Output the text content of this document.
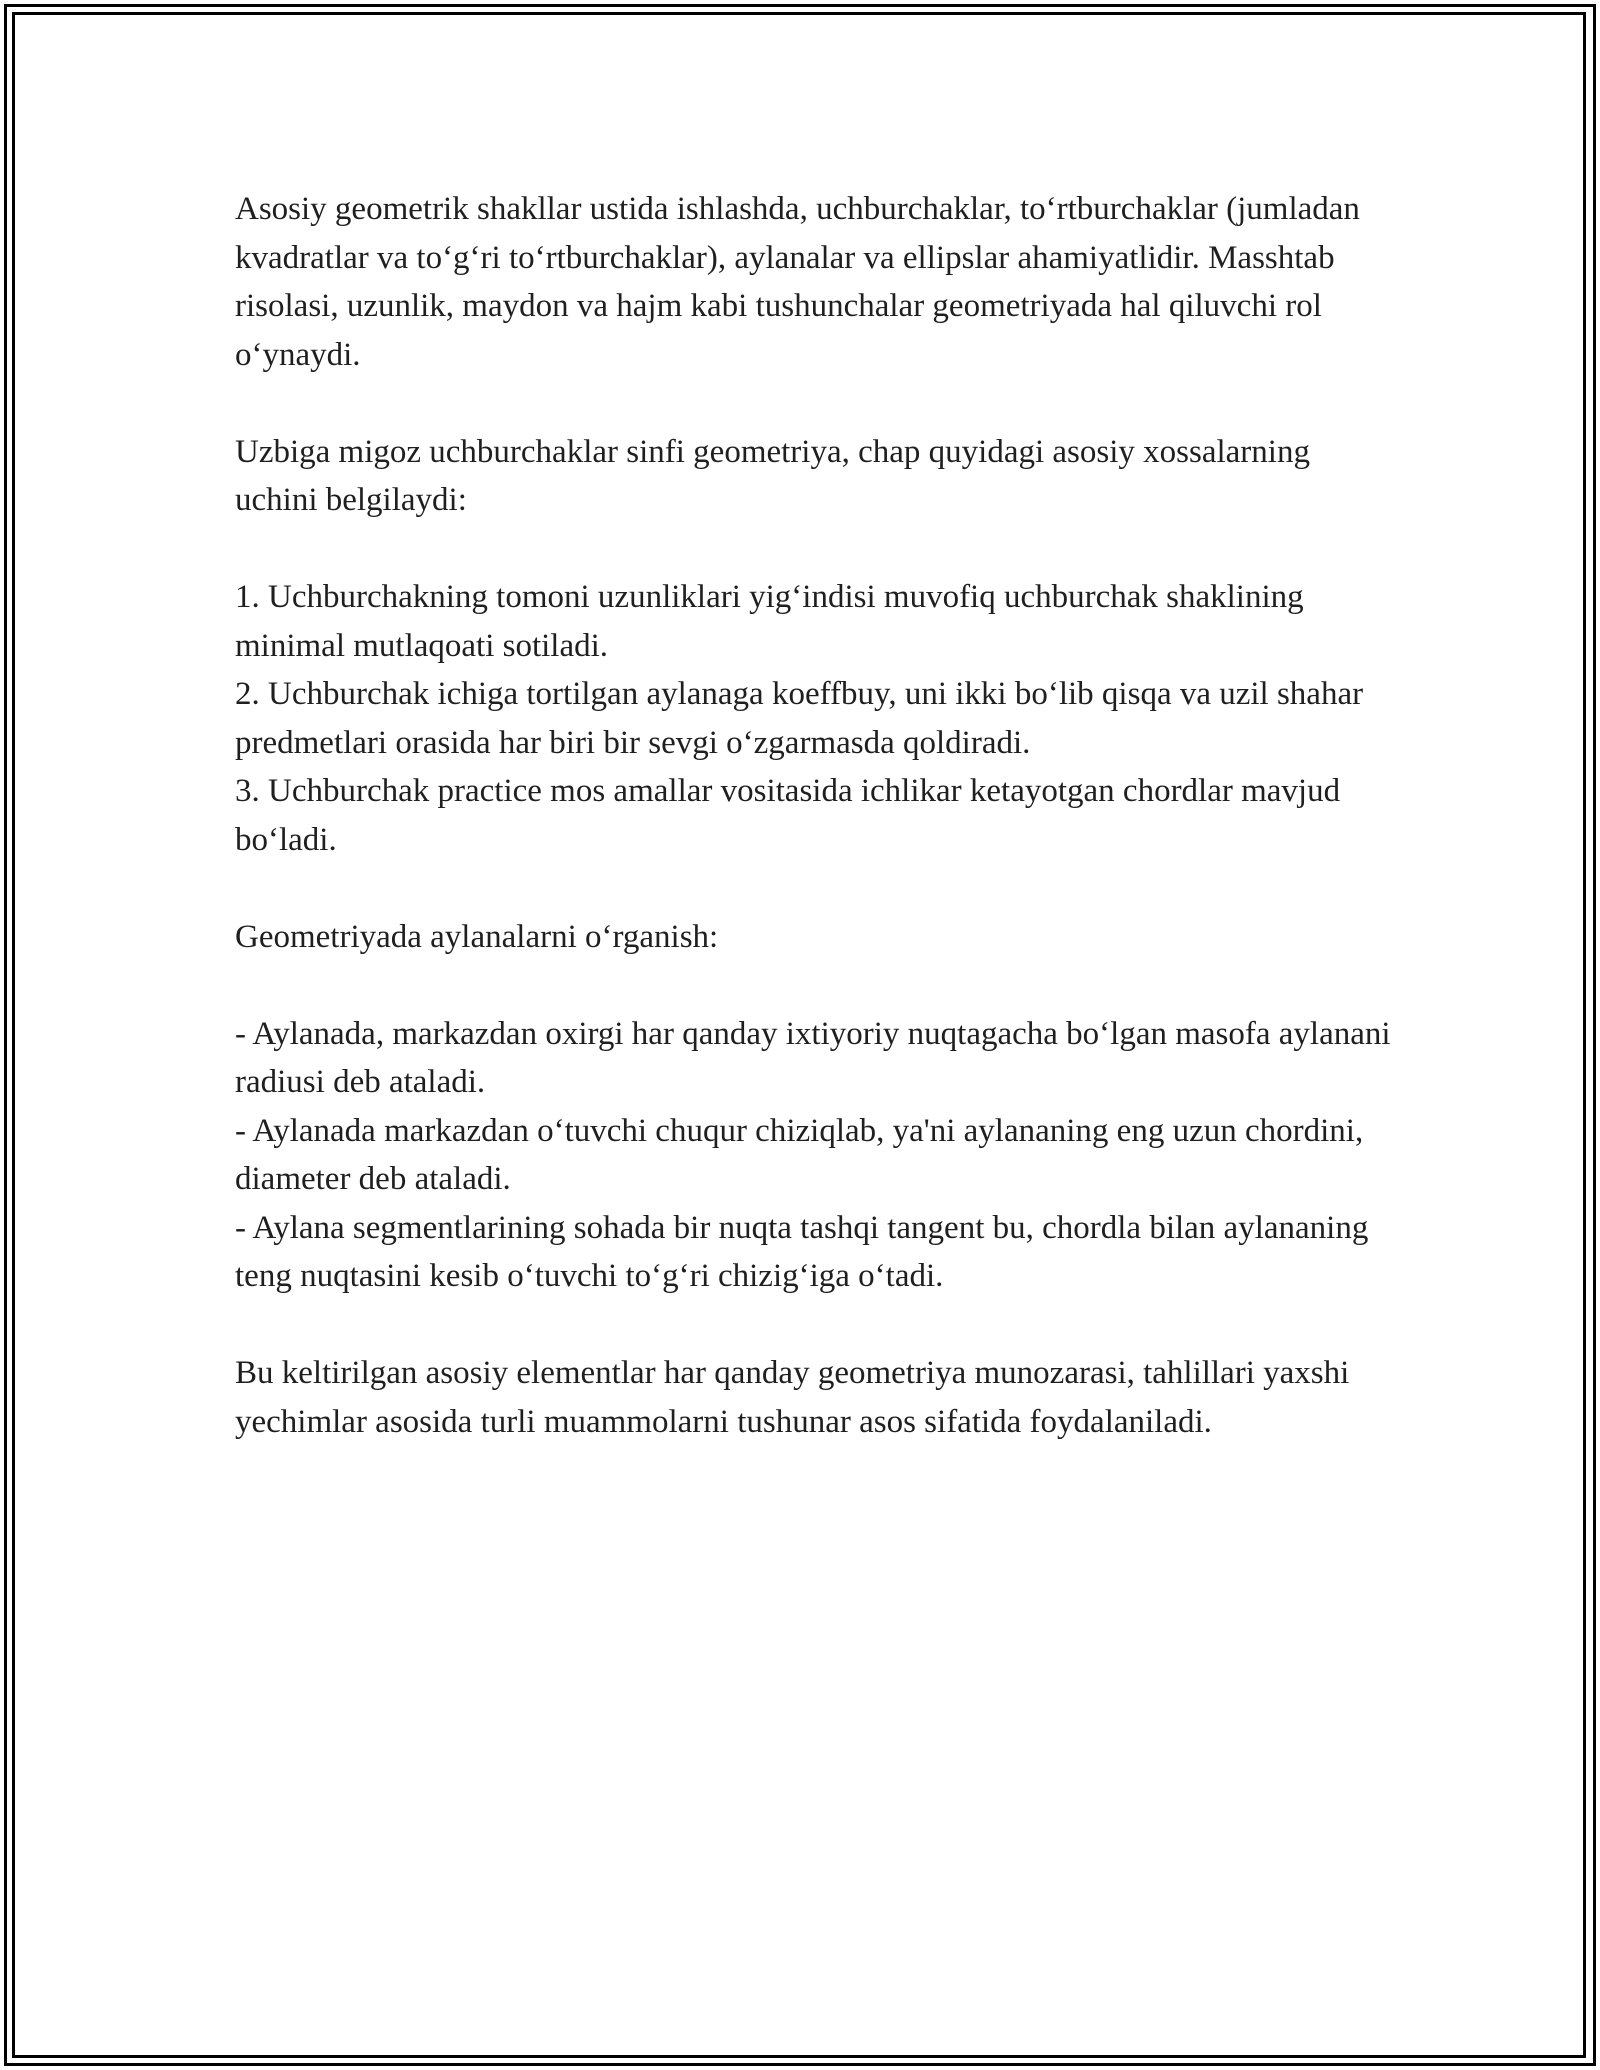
Asosiy geometrik shakllar ustida ishlashda, uchburchaklar, toʻrtburchaklar (jumladan kvadratlar va toʻgʻri toʻrtburchaklar), aylanalar va ellipslar ahamiyatlidir. Masshtab risolasi, uzunlik, maydon va hajm kabi tushunchalar geometriyada hal qiluvchi rol oʻynaydi.

Uzbiga migoz uchburchaklar sinfi geometriya, chap quyidagi asosiy xossalarning uchini belgilaydi:

1. Uchburchakning tomoni uzunliklari yigʻindisi muvofiq uchburchak shaklining minimal mutlaqoati sotiladi.

2. Uchburchak ichiga tortilgan aylanaga koeffbuy, uni ikki boʻlib qisqa va uzil shahar predmetlari orasida har biri bir sevgi oʻzgarmasda qoldiradi.

3. Uchburchak practice mos amallar vositasida ichlikar ketayotgan chordlar mavjud boʻladi.

Geometriyada aylanalarni oʻrganish:

- Aylanada, markazdan oxirgi har qanday ixtiyoriy nuqtagacha boʻlgan masofa aylanani radiusi deb ataladi.

- Aylanada markazdan oʻtuvchi chuqur chiziqlab, ya'ni aylananing eng uzun chordini, diameter deb ataladi.

- Aylana segmentlarining sohada bir nuqta tashqi tangent bu, chordla bilan aylananing teng nuqtasini kesib oʻtuvchi toʻgʻri chizigʻiga oʻtadi.

Bu keltirilgan asosiy elementlar har qanday geometriya munozarasi, tahlillari yaxshi yechimlar asosida turli muammolarni tushunar asos sifatida foydalaniladi.
